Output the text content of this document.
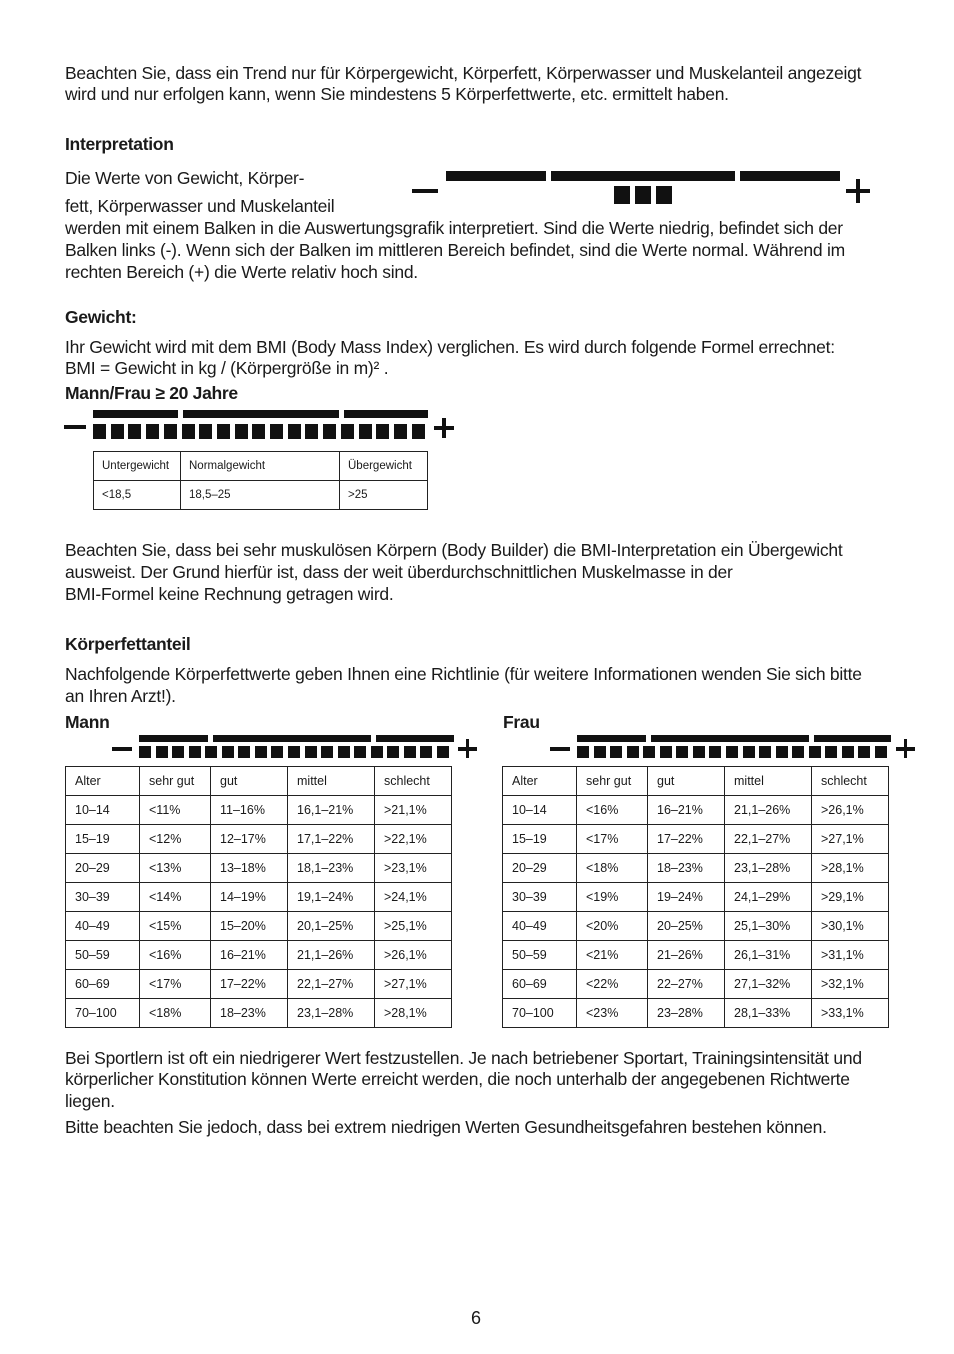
Beachten Sie, dass ein Trend nur für Körpergewicht, Körperfett, Körperwasser und Muskelanteil angezeigt

wird und nur erfolgen kann, wenn Sie mindestens 5 Körperfettwerte, etc. ermittelt haben.

Interpretation

Die Werte von Gewicht, Körper-

fett, Körperwasser und Muskelanteil

werden mit einem Balken in die Auswertungsgrafik interpretiert. Sind die Werte niedrig, befindet sich der

Balken links (-). Wenn sich der Balken im mittleren Bereich befindet, sind die Werte normal. Während im

rechten Bereich (+) die Werte relativ hoch sind.

Gewicht:

Ihr Gewicht wird mit dem BMI (Body Mass Index) verglichen. Es wird durch folgende Formel errechnet:

BMI = Gewicht in kg / (Körpergröße in m)² .

Mann/Frau ≥ 20 Jahre

Untergewicht	Normalgewicht	Übergewicht
<18,5	18,5–25	>25

Beachten Sie, dass bei sehr muskulösen Körpern (Body Builder) die BMI-Interpretation ein Übergewicht

ausweist. Der Grund hierfür ist, dass der weit überdurchschnittlichen Muskelmasse in der

BMI-Formel keine Rechnung getragen wird.

Körperfettanteil

Nachfolgende Körperfettwerte geben Ihnen eine Richtlinie (für weitere Informationen wenden Sie sich bitte

an Ihren Arzt!).

Mann	Frau

Alter	sehr gut	gut	mittel	schlecht
10–14	<11%	11–16%	16,1–21%	>21,1%
15–19	<12%	12–17%	17,1–22%	>22,1%
20–29	<13%	13–18%	18,1–23%	>23,1%
30–39	<14%	14–19%	19,1–24%	>24,1%
40–49	<15%	15–20%	20,1–25%	>25,1%
50–59	<16%	16–21%	21,1–26%	>26,1%
60–69	<17%	17–22%	22,1–27%	>27,1%
70–100	<18%	18–23%	23,1–28%	>28,1%
Alter	sehr gut	gut	mittel	schlecht
10–14	<16%	16–21%	21,1–26%	>26,1%
15–19	<17%	17–22%	22,1–27%	>27,1%
20–29	<18%	18–23%	23,1–28%	>28,1%
30–39	<19%	19–24%	24,1–29%	>29,1%
40–49	<20%	20–25%	25,1–30%	>30,1%
50–59	<21%	21–26%	26,1–31%	>31,1%
60–69	<22%	22–27%	27,1–32%	>32,1%
70–100	<23%	23–28%	28,1–33%	>33,1%

Bei Sportlern ist oft ein niedrigerer Wert festzustellen. Je nach betriebener Sportart, Trainingsintensität und

körperlicher Konstitution können Werte erreicht werden, die noch unterhalb der angegebenen Richtwerte

liegen.

Bitte beachten Sie jedoch, dass bei extrem niedrigen Werten Gesundheitsgefahren bestehen können.

6
